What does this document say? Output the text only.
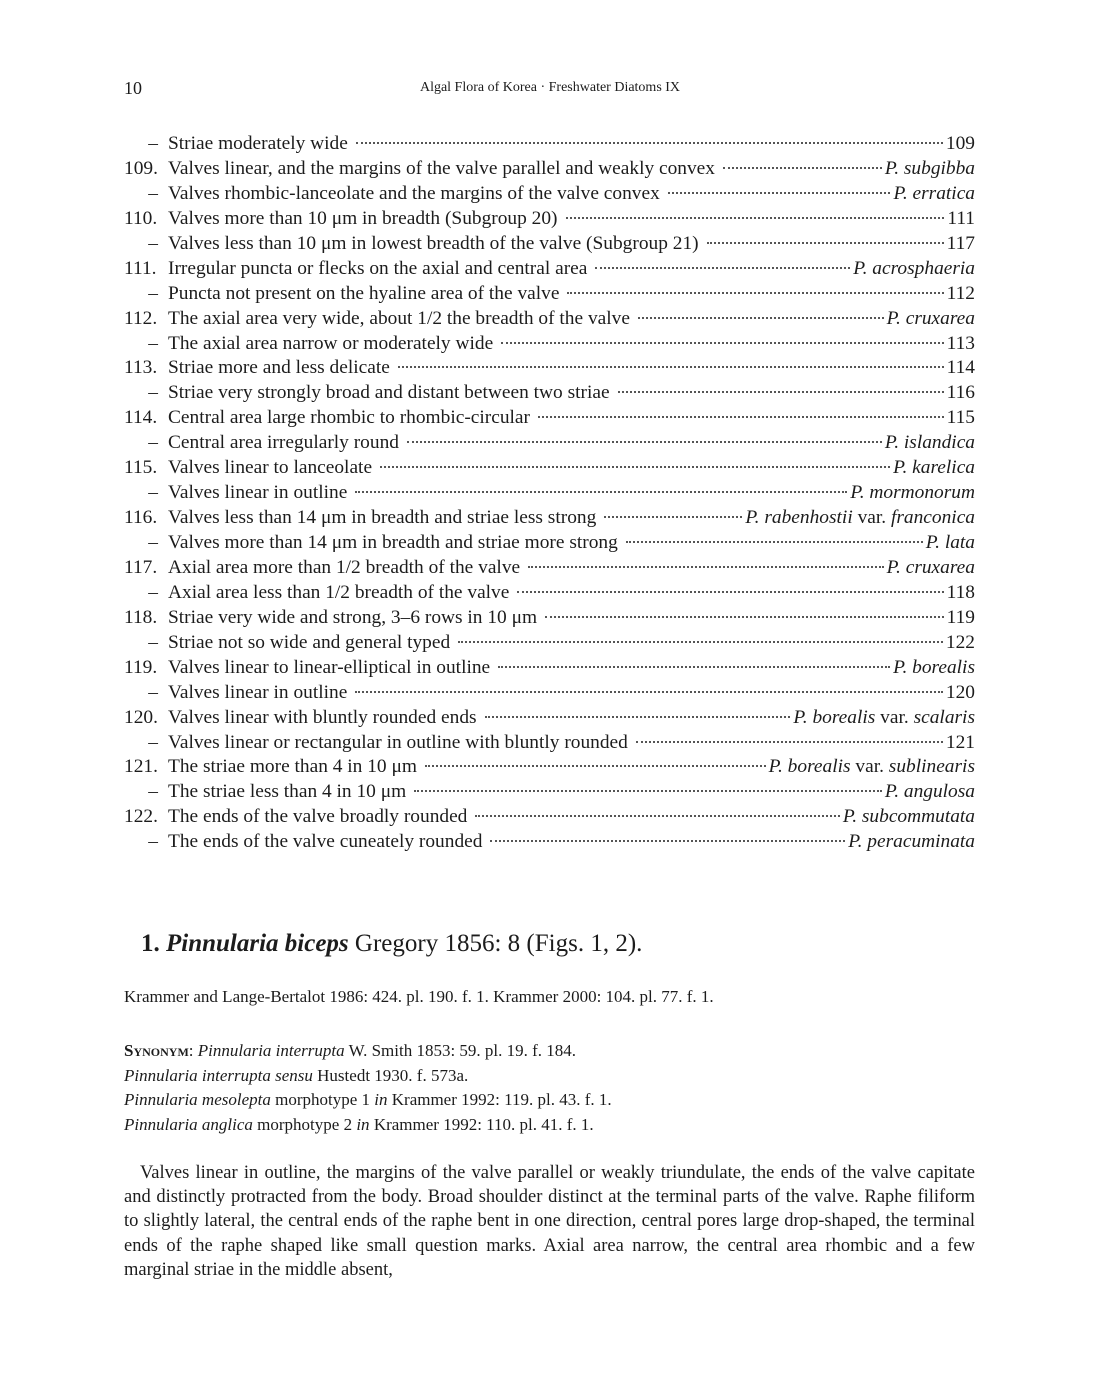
10	Algal Flora of Korea · Freshwater Diatoms IX
– Striae moderately wide	109
109. Valves linear, and the margins of the valve parallel and weakly convex	P. subgibba
– Valves rhombic-lanceolate and the margins of the valve convex	P. erratica
110. Valves more than 10 μm in breadth (Subgroup 20)	111
– Valves less than 10 μm in lowest breadth of the valve (Subgroup 21)	117
111. Irregular puncta or flecks on the axial and central area	P. acrosphaeria
– Puncta not present on the hyaline area of the valve	112
112. The axial area very wide, about 1/2 the breadth of the valve	P. cruxarea
– The axial area narrow or moderately wide	113
113. Striae more and less delicate	114
– Striae very strongly broad and distant between two striae	116
114. Central area large rhombic to rhombic-circular	115
– Central area irregularly round	P. islandica
115. Valves linear to lanceolate	P. karelica
– Valves linear in outline	P. mormonorum
116. Valves less than 14 μm in breadth and striae less strong	P. rabenhostii var. franconica
– Valves more than 14 μm in breadth and striae more strong	P. lata
117. Axial area more than 1/2 breadth of the valve	P. cruxarea
– Axial area less than 1/2 breadth of the valve	118
118. Striae very wide and strong, 3–6 rows in 10 μm	119
– Striae not so wide and general typed	122
119. Valves linear to linear-elliptical in outline	P. borealis
– Valves linear in outline	120
120. Valves linear with bluntly rounded ends	P. borealis var. scalaris
– Valves linear or rectangular in outline with bluntly rounded	121
121. The striae more than 4 in 10 μm	P. borealis var. sublinearis
– The striae less than 4 in 10 μm	P. angulosa
122. The ends of the valve broadly rounded	P. subcommutata
– The ends of the valve cuneately rounded	P. peracuminata
1. Pinnularia biceps Gregory 1856: 8 (Figs. 1, 2).
Krammer and Lange-Bertalot 1986: 424. pl. 190. f. 1. Krammer 2000: 104. pl. 77. f. 1.
Synonym: Pinnularia interrupta W. Smith 1853: 59. pl. 19. f. 184.
Pinnularia interrupta sensu Hustedt 1930. f. 573a.
Pinnularia mesolepta morphotype 1 in Krammer 1992: 119. pl. 43. f. 1.
Pinnularia anglica morphotype 2 in Krammer 1992: 110. pl. 41. f. 1.

Valves linear in outline, the margins of the valve parallel or weakly triundulate, the ends of the valve capitate and distinctly protracted from the body. Broad shoulder distinct at the terminal parts of the valve. Raphe filiform to slightly lateral, the central ends of the raphe bent in one direction, central pores large drop-shaped, the terminal ends of the raphe shaped like small question marks. Axial area narrow, the central area rhombic and a few marginal striae in the middle absent,
